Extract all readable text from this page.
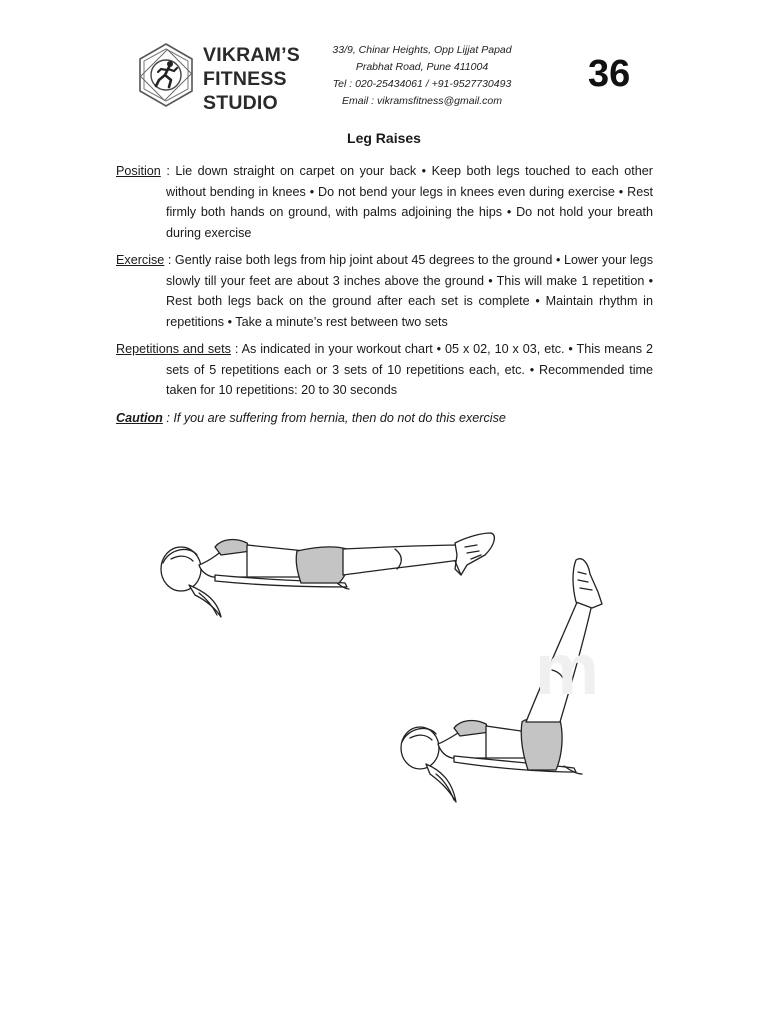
VIKRAM’S
FITNESS
STUDIO
33/9, Chinar Heights, Opp Lijjat Papad
Prabhat Road, Pune 411004
Tel : 020-25434061 / +91-9527730493
Email : vikramsfitness@gmail.com
36
Leg Raises

Position : Lie down straight on carpet on your back • Keep both legs touched to each other without bending in knees • Do not bend your legs in knees even during exercise • Rest firmly both hands on ground, with palms adjoining the hips • Do not hold your breath during exercise

Exercise : Gently raise both legs from hip joint about 45 degrees to the ground • Lower your legs slowly till your feet are about 3 inches above the ground • This will make 1 repetition • Rest both legs back on the ground after each set is complete • Maintain rhythm in repetitions • Take a minute’s rest between two sets

Repetitions and sets : As indicated in your workout chart • 05 x 02, 10 x 03, etc. • This means 2 sets of 5 repetitions each or 3 sets of 10 repetitions each, etc. • Recommended time taken for 10 repetitions: 20 to 30 seconds

Caution : If you are suffering from hernia, then do not do this exercise

m
